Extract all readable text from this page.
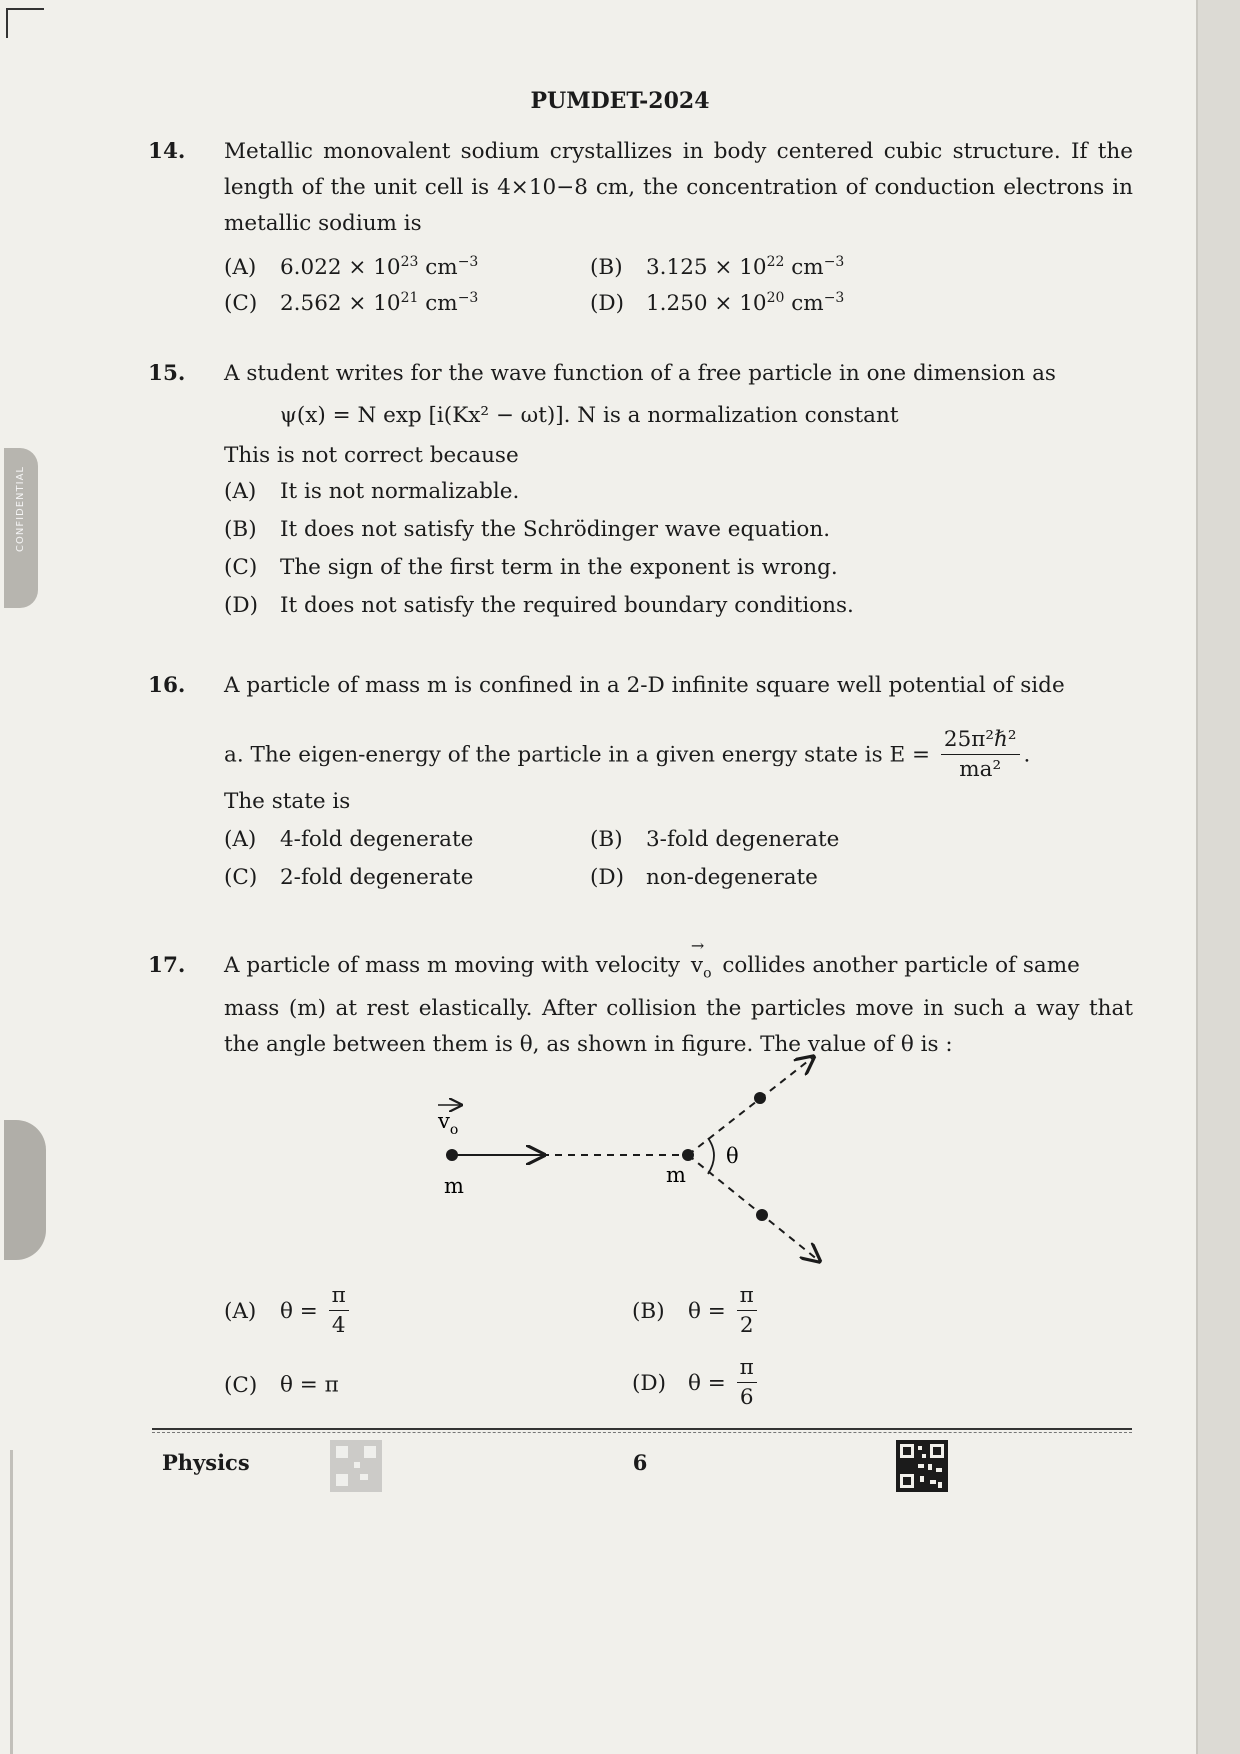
CONFIDENTIAL
PUMDET-2024
14. Metallic monovalent sodium crystallizes in body centered cubic structure. If the length of the unit cell is 4×10−8 cm, the concentration of conduction electrons in metallic sodium is
(A) $6.022 \times 10^{23}$ $cm^{-3}$	(B) $3.125 \times 10^{22}$ $cm^{-3}$
(C) $2.562 \times 10^{21}$ $cm^{-3}$	(D) $1.250 \times 10^{20}$ $cm^{-3}$
15. A student writes for the wave function of a free particle in one dimension as
ψ(x) = N exp [i(Kx² − ωt)]. N is a normalization constant
This is not correct because
(A) It is not normalizable.
(B) It does not satisfy the Schrödinger wave equation.
(C) The sign of the first term in the exponent is wrong.
(D) It does not satisfy the required boundary conditions.
16. A particle of mass m is confined in a 2-D infinite square well potential of side
a. The eigen-energy of the particle in a given energy state is $E = \frac{\text{25π²ℏ²}}{\text{ma²}}$ .
The state is
(A) 4-fold degenerate	(B) 3-fold degenerate
(C) 2-fold degenerate	(D) non-degenerate
17. A particle of mass m moving with velocity
→
$v_o$ collides another particle of same
mass (m) at rest elastically. After collision the particles move in such a way that the angle between them is θ, as shown in figure. The value of θ is :
$v_o$
m	m
θ
(A) $\theta = \frac{\pi}{4}$	(B) $\theta = \frac{\pi}{2}$
(C) θ = π	(D) $\theta = \frac{\pi}{6}$
Physics	6
